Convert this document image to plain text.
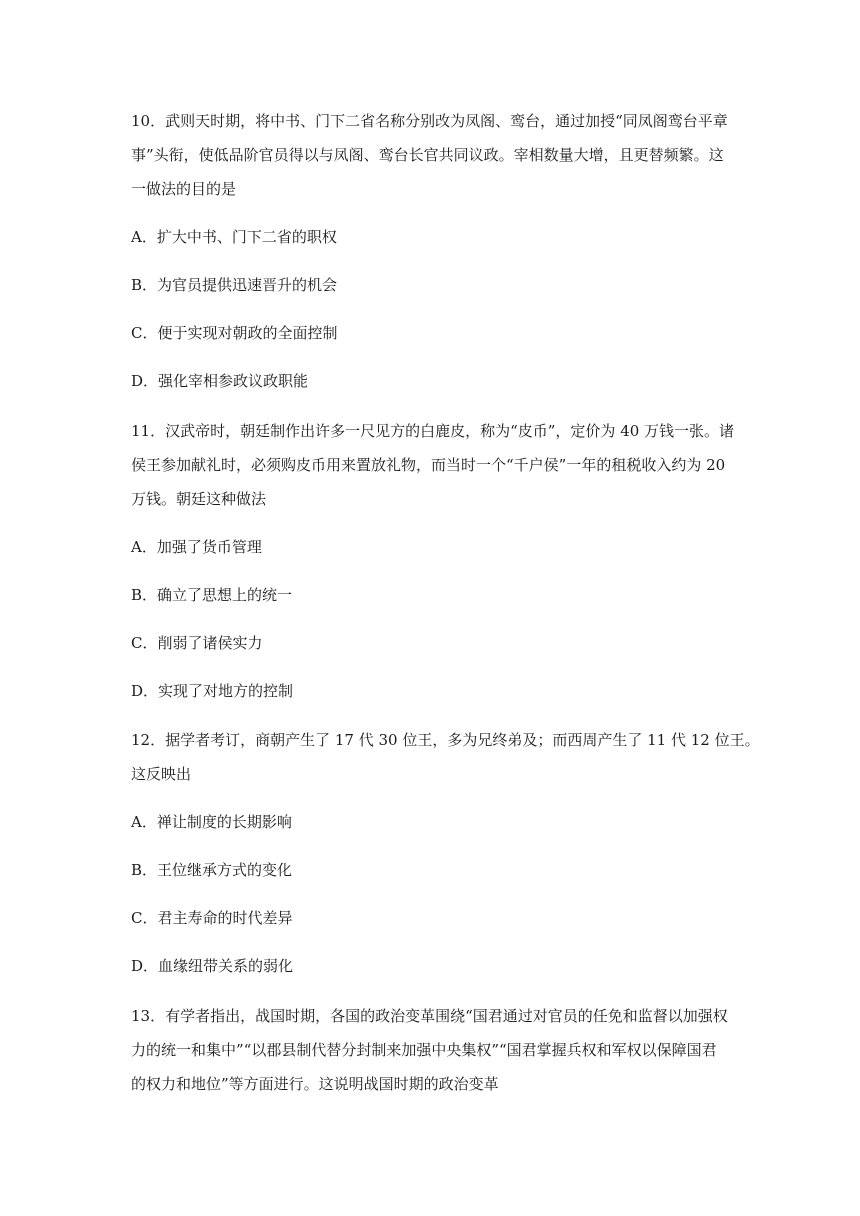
10．武则天时期，将中书、门下二省名称分别改为凤阁、鸾台，通过加授“同凤阁鸾台平章
事”头衔，使低品阶官员得以与凤阁、鸾台长官共同议政。宰相数量大增，且更替频繁。这
一做法的目的是
A．扩大中书、门下二省的职权
B．为官员提供迅速晋升的机会
C．便于实现对朝政的全面控制
D．强化宰相参政议政职能
11．汉武帝时，朝廷制作出许多一尺见方的白鹿皮，称为“皮币”，定价为 40 万钱一张。诸
侯王参加献礼时，必须购皮币用来置放礼物，而当时一个“千户侯”一年的租税收入约为 20
万钱。朝廷这种做法
A．加强了货币管理
B．确立了思想上的统一
C．削弱了诸侯实力
D．实现了对地方的控制
12．据学者考订，商朝产生了 17 代 30 位王，多为兄终弟及；而西周产生了 11 代 12 位王。
这反映出
A．禅让制度的长期影响
B．王位继承方式的变化
C．君主寿命的时代差异
D．血缘纽带关系的弱化
13．有学者指出，战国时期，各国的政治变革围绕“国君通过对官员的任免和监督以加强权
力的统一和集中”“以郡县制代替分封制来加强中央集权”“国君掌握兵权和军权以保障国君
的权力和地位”等方面进行。这说明战国时期的政治变革
